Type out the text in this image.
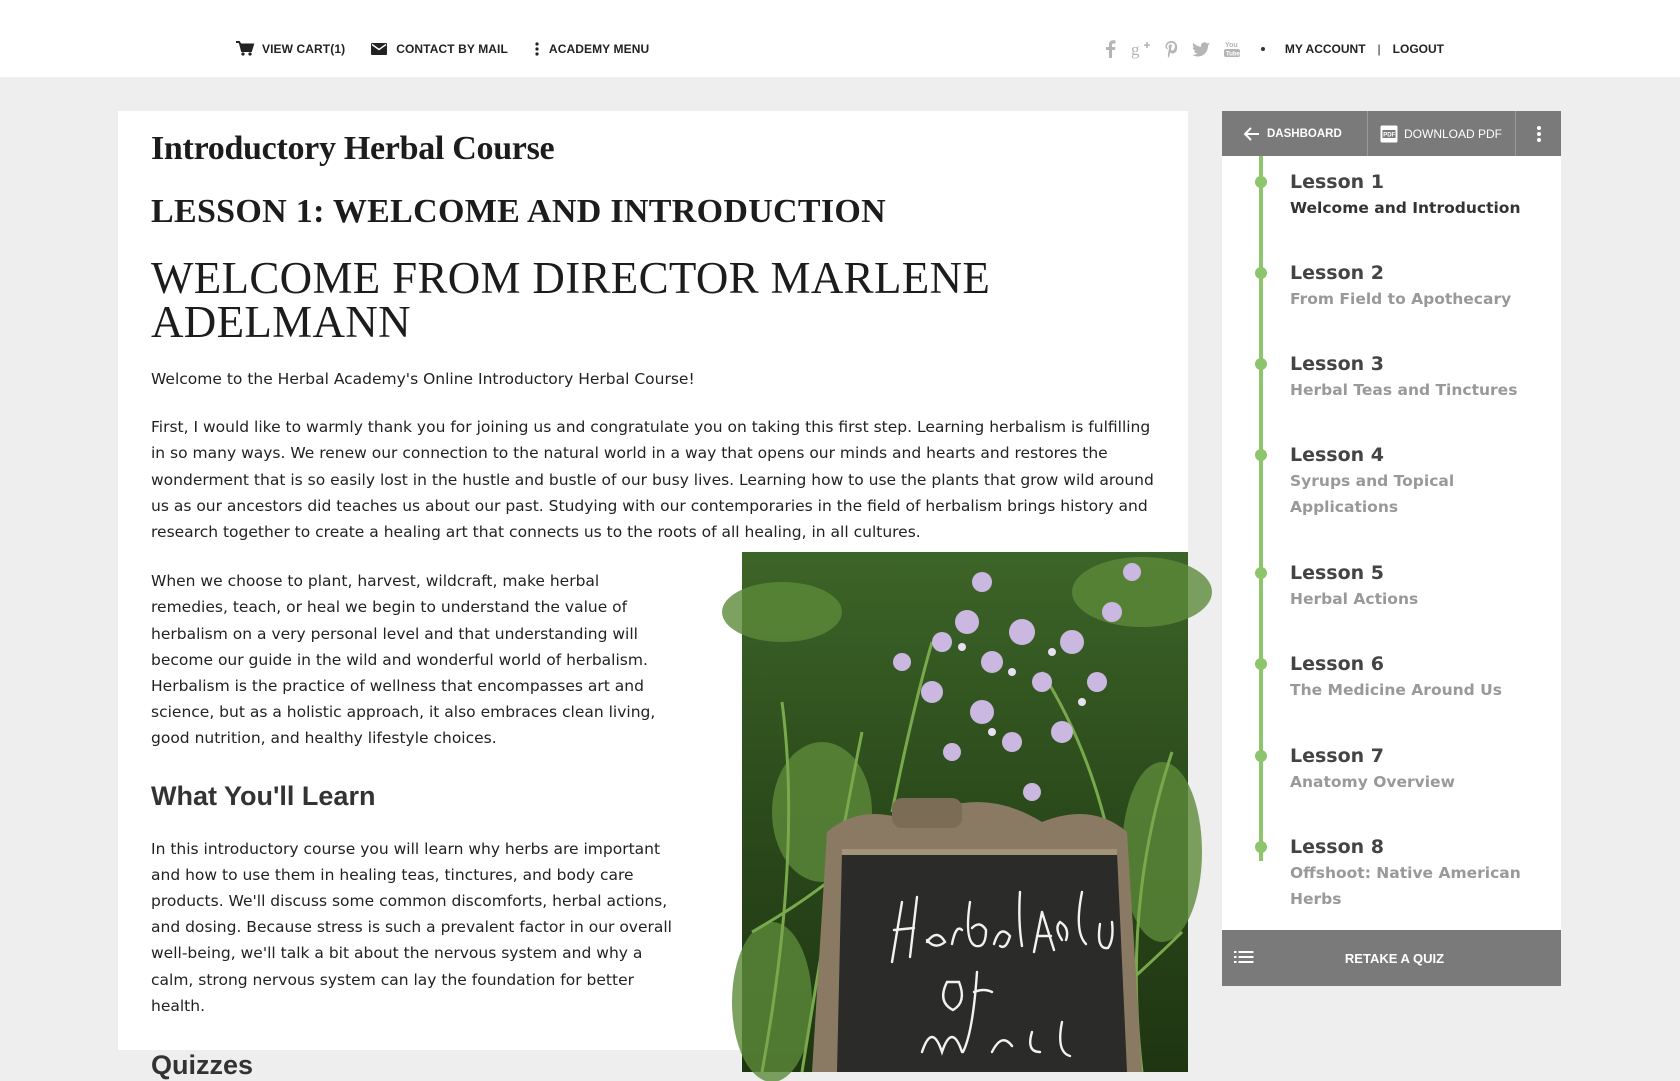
VIEW CART(1)	CONTACT BY MAIL	ACADEMY MENU	g	You
Tube	MY ACCOUNT | LOGOUT
Introductory Herbal Course
LESSON 1: WELCOME AND INTRODUCTION
WELCOME FROM DIRECTOR MARLENE ADELMANN

Welcome to the Herbal Academy's Online Introductory Herbal Course!

First, I would like to warmly thank you for joining us and congratulate you on taking this first step. Learning herbalism is fulfilling in so many ways. We renew our connection to the natural world in a way that opens our minds and hearts and restores the wonderment that is so easily lost in the hustle and bustle of our busy lives. Learning how to use the plants that grow wild around us as our ancestors did teaches us about our past. Studying with our contemporaries in the field of herbalism brings history and research together to create a healing art that connects us to the roots of all healing, in all cultures.

When we choose to plant, harvest, wildcraft, make herbal remedies, teach, or heal we begin to understand the value of herbalism on a very personal level and that understanding will become our guide in the wild and wonderful world of herbalism. Herbalism is the practice of wellness that encompasses art and science, but as a holistic approach, it also embraces clean living, good nutrition, and healthy lifestyle choices.

What You'll Learn

In this introductory course you will learn why herbs are important and how to use them in healing teas, tinctures, and body care products. We'll discuss some common discomforts, herbal actions, and dosing. Because stress is such a prevalent factor in our overall well-being, we'll talk a bit about the nervous system and why a calm, strong nervous system can lay the foundation for better health.

Quizzes
Herbal Academy of New England
DASHBOARD	PDF DOWNLOAD PDF
Lesson 1
Welcome and Introduction
Lesson 2
From Field to Apothecary
Lesson 3
Herbal Teas and Tinctures
Lesson 4
Syrups and Topical Applications
Lesson 5
Herbal Actions
Lesson 6
The Medicine Around Us
Lesson 7
Anatomy Overview
Lesson 8
Offshoot: Native American Herbs
RETAKE A QUIZ
